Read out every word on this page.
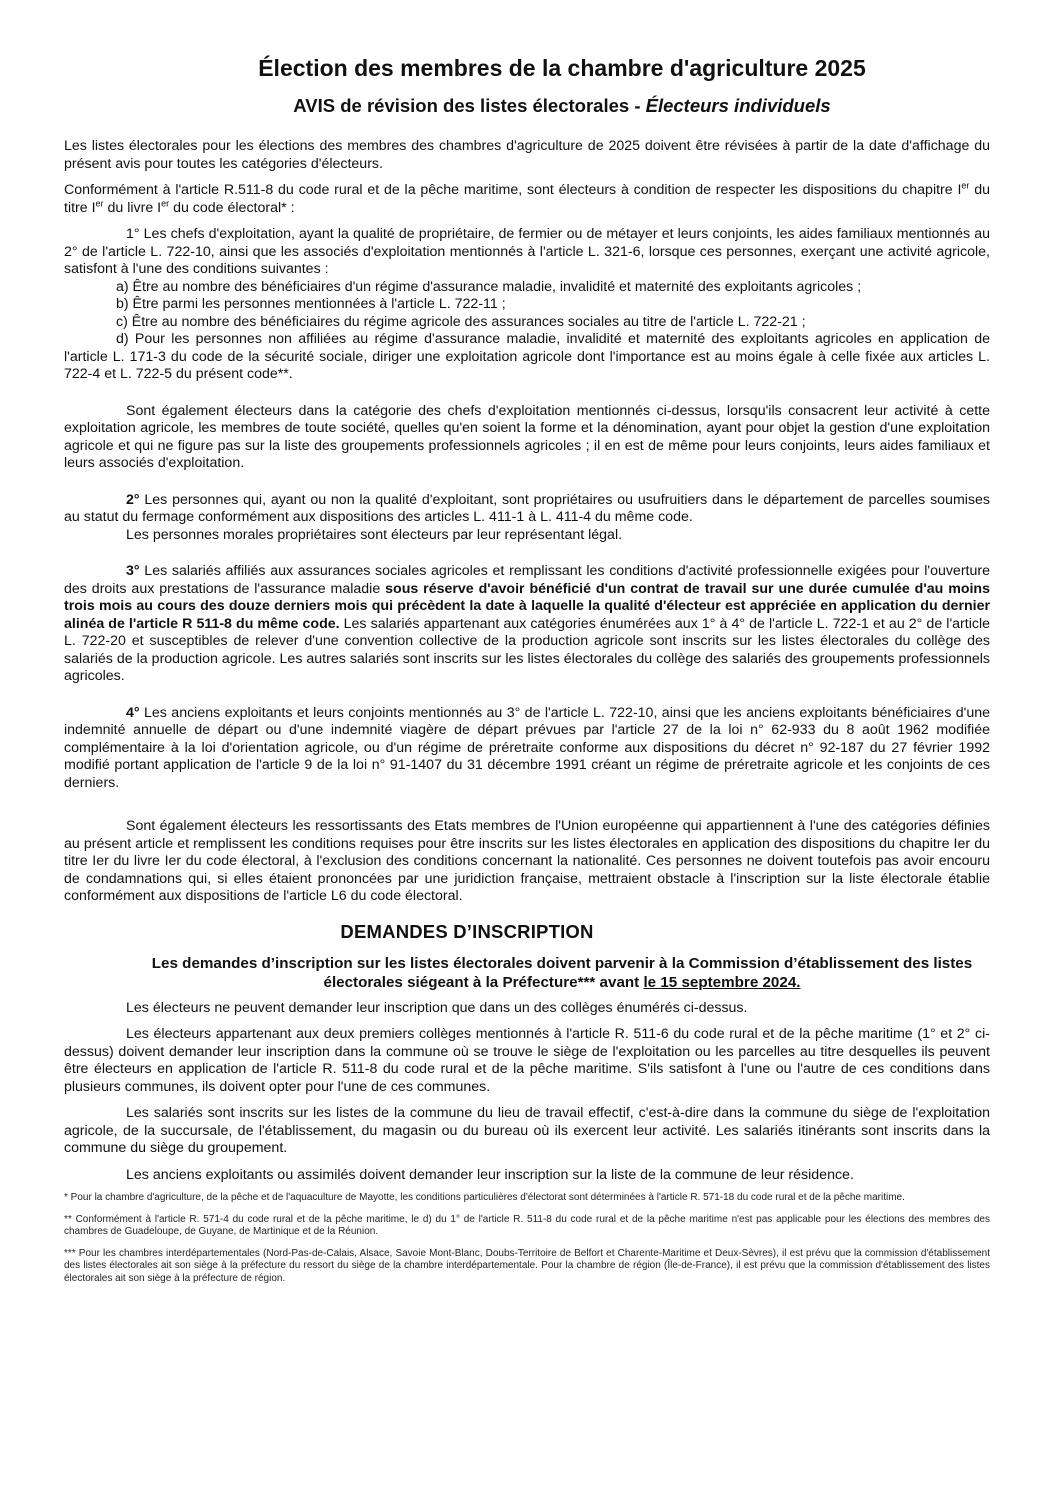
Élection des membres de la chambre d'agriculture 2025
AVIS de révision des listes électorales - Électeurs individuels

Les listes électorales pour les élections des membres des chambres d'agriculture de 2025 doivent être révisées à partir de la date d'affichage du présent avis pour toutes les catégories d'électeurs.

Conformément à l'article R.511-8 du code rural et de la pêche maritime, sont électeurs à condition de respecter les dispositions du chapitre Ier du titre Ier du livre Ier du code électoral* :

1° Les chefs d'exploitation, ayant la qualité de propriétaire, de fermier ou de métayer et leurs conjoints, les aides familiaux mentionnés au 2° de l'article L. 722-10, ainsi que les associés d'exploitation mentionnés à l'article L. 321-6, lorsque ces personnes, exerçant une activité agricole, satisfont à l'une des conditions suivantes :

a) Être au nombre des bénéficiaires d'un régime d'assurance maladie, invalidité et maternité des exploitants agricoles ;

b) Être parmi les personnes mentionnées à l'article L. 722-11 ;

c) Être au nombre des bénéficiaires du régime agricole des assurances sociales au titre de l'article L. 722-21 ;

d) Pour les personnes non affiliées au régime d'assurance maladie, invalidité et maternité des exploitants agricoles en application de l'article L. 171-3 du code de la sécurité sociale, diriger une exploitation agricole dont l'importance est au moins égale à celle fixée aux articles L. 722-4 et L. 722-5 du présent code**.

Sont également électeurs dans la catégorie des chefs d'exploitation mentionnés ci-dessus, lorsqu'ils consacrent leur activité à cette exploitation agricole, les membres de toute société, quelles qu'en soient la forme et la dénomination, ayant pour objet la gestion d'une exploitation agricole et qui ne figure pas sur la liste des groupements professionnels agricoles ; il en est de même pour leurs conjoints, leurs aides familiaux et leurs associés d'exploitation.

2° Les personnes qui, ayant ou non la qualité d'exploitant, sont propriétaires ou usufruitiers dans le département de parcelles soumises au statut du fermage conformément aux dispositions des articles L. 411-1 à L. 411-4 du même code.

Les personnes morales propriétaires sont électeurs par leur représentant légal.

3° Les salariés affiliés aux assurances sociales agricoles et remplissant les conditions d'activité professionnelle exigées pour l'ouverture des droits aux prestations de l'assurance maladie sous réserve d'avoir bénéficié d'un contrat de travail sur une durée cumulée d'au moins trois mois au cours des douze derniers mois qui précèdent la date à laquelle la qualité d'électeur est appréciée en application du dernier alinéa de l'article R 511-8 du même code. Les salariés appartenant aux catégories énumérées aux 1° à 4° de l'article L. 722-1 et au 2° de l'article L. 722-20 et susceptibles de relever d'une convention collective de la production agricole sont inscrits sur les listes électorales du collège des salariés de la production agricole. Les autres salariés sont inscrits sur les listes électorales du collège des salariés des groupements professionnels agricoles.

4° Les anciens exploitants et leurs conjoints mentionnés au 3° de l'article L. 722-10, ainsi que les anciens exploitants bénéficiaires d'une indemnité annuelle de départ ou d'une indemnité viagère de départ prévues par l'article 27 de la loi n° 62-933 du 8 août 1962 modifiée complémentaire à la loi d'orientation agricole, ou d'un régime de préretraite conforme aux dispositions du décret n° 92-187 du 27 février 1992 modifié portant application de l'article 9 de la loi n° 91-1407 du 31 décembre 1991 créant un régime de préretraite agricole et les conjoints de ces derniers.

Sont également électeurs les ressortissants des Etats membres de l'Union européenne qui appartiennent à l'une des catégories définies au présent article et remplissent les conditions requises pour être inscrits sur les listes électorales en application des dispositions du chapitre Ier du titre Ier du livre Ier du code électoral, à l'exclusion des conditions concernant la nationalité. Ces personnes ne doivent toutefois pas avoir encouru de condamnations qui, si elles étaient prononcées par une juridiction française, mettraient obstacle à l'inscription sur la liste électorale établie conformément aux dispositions de l'article L6 du code électoral.

DEMANDES D’INSCRIPTION

Les demandes d’inscription sur les listes électorales doivent parvenir à la Commission d’établissement des listes électorales siégeant à la Préfecture*** avant le 15 septembre 2024.

Les électeurs ne peuvent demander leur inscription que dans un des collèges énumérés ci-dessus.

Les électeurs appartenant aux deux premiers collèges mentionnés à l'article R. 511-6 du code rural et de la pêche maritime (1° et 2° ci-dessus) doivent demander leur inscription dans la commune où se trouve le siège de l'exploitation ou les parcelles au titre desquelles ils peuvent être électeurs en application de l'article R. 511-8 du code rural et de la pêche maritime. S'ils satisfont à l'une ou l'autre de ces conditions dans plusieurs communes, ils doivent opter pour l'une de ces communes.

Les salariés sont inscrits sur les listes de la commune du lieu de travail effectif, c'est-à-dire dans la commune du siège de l'exploitation agricole, de la succursale, de l'établissement, du magasin ou du bureau où ils exercent leur activité. Les salariés itinérants sont inscrits dans la commune du siège du groupement.

Les anciens exploitants ou assimilés doivent demander leur inscription sur la liste de la commune de leur résidence.

* Pour la chambre d'agriculture, de la pêche et de l'aquaculture de Mayotte, les conditions particulières d'électorat sont déterminées à l'article R. 571-18 du code rural et de la pêche maritime.

** Conformément à l'article R. 571-4 du code rural et de la pêche maritime, le d) du 1° de l'article R. 511-8 du code rural et de la pêche maritime n'est pas applicable pour les élections des membres des chambres de Guadeloupe, de Guyane, de Martinique et de la Réunion.

*** Pour les chambres interdépartementales (Nord-Pas-de-Calais, Alsace, Savoie Mont-Blanc, Doubs-Territoire de Belfort et Charente-Maritime et Deux-Sèvres), il est prévu que la commission d'établissement des listes électorales ait son siège à la préfecture du ressort du siège de la chambre interdépartementale. Pour la chambre de région (Île-de-France), il est prévu que la commission d'établissement des listes électorales ait son siège à la préfecture de région.
